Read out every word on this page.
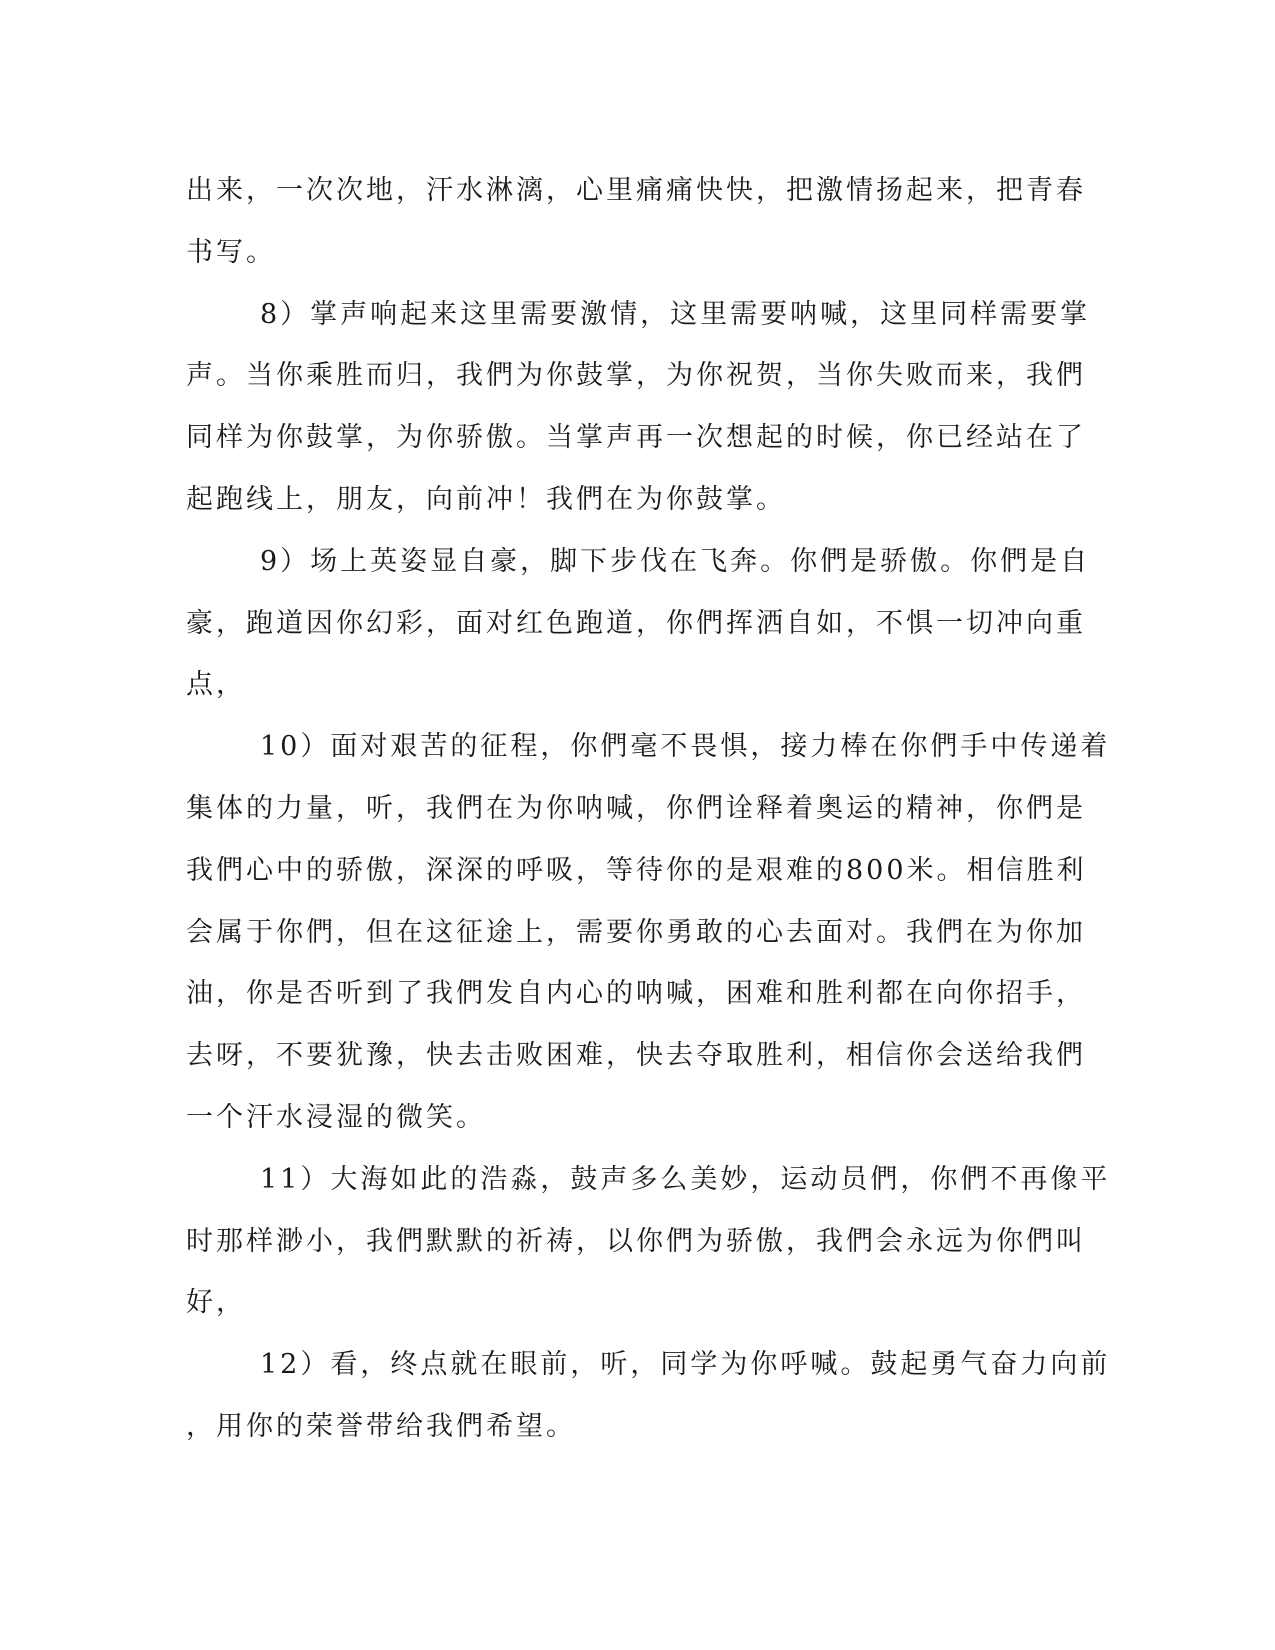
出来，一次次地，汗水淋漓，心里痛痛快快，把激情扬起来，把青春
书写。
8）掌声响起来这里需要激情，这里需要呐喊，这里同样需要掌
声。当你乘胜而归，我們为你鼓掌，为你祝贺，当你失败而来，我們
同样为你鼓掌，为你骄傲。当掌声再一次想起的时候，你已经站在了
起跑线上，朋友，向前冲！我們在为你鼓掌。
9）场上英姿显自豪，脚下步伐在飞奔。你們是骄傲。你們是自
豪，跑道因你幻彩，面对红色跑道，你們挥洒自如，不惧一切冲向重
点，
10）面对艰苦的征程，你們毫不畏惧，接力棒在你們手中传递着
集体的力量，听，我們在为你呐喊，你們诠释着奥运的精神，你們是
我們心中的骄傲，深深的呼吸，等待你的是艰难的800米。相信胜利
会属于你們，但在这征途上，需要你勇敢的心去面对。我們在为你加
油，你是否听到了我們发自内心的呐喊，困难和胜利都在向你招手，
去呀，不要犹豫，快去击败困难，快去夺取胜利，相信你会送给我們
一个汗水浸湿的微笑。
11）大海如此的浩淼，鼓声多么美妙，运动员們，你們不再像平
时那样渺小，我們默默的祈祷，以你們为骄傲，我們会永远为你們叫
好，
12）看，终点就在眼前，听，同学为你呼喊。鼓起勇气奋力向前
，用你的荣誉带给我們希望。
